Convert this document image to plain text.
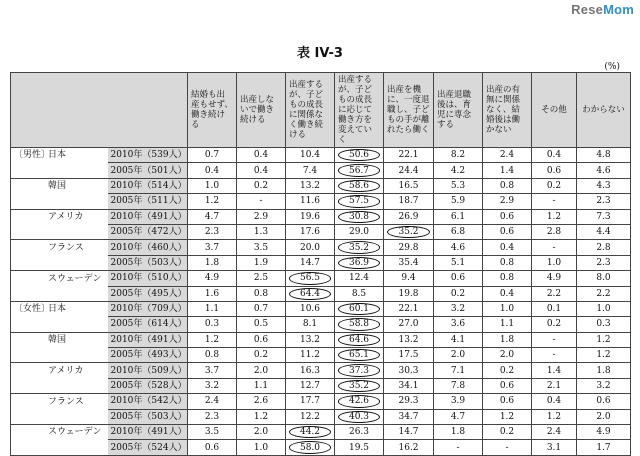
ReseMom
表 IV-3
(%)
		結婚も出産もせず、働き続ける	出産しないで働き続ける	出産するが、子どもの成長に関係なく働き続ける	出産するが、子どもの成長に応じて働き方を変えていく	出産を機に、一度退職し、子どもの手が離れたら働く	出産退職後は、育児に専念する	出産の有無に関係なく、結婚後は働かない	その他	わからない
〔男性〕日本	2010年（539人）	0.7	0.4	10.4	50.6	22.1	8.2	2.4	0.4	4.8
	2005年（501人）	0.4	0.4	7.4	56.7	24.4	4.2	1.4	0.6	4.6
韓国	2010年（514人）	1.0	0.2	13.2	58.6	16.5	5.3	0.8	0.2	4.3
	2005年（511人）	1.2	-	11.6	57.5	18.7	5.9	2.9	-	2.3
アメリカ	2010年（491人）	4.7	2.9	19.6	30.8	26.9	6.1	0.6	1.2	7.3
	2005年（472人）	2.3	1.3	17.6	29.0	35.2	6.8	0.6	2.8	4.4
フランス	2010年（460人）	3.7	3.5	20.0	35.2	29.8	4.6	0.4	-	2.8
	2005年（503人）	1.8	1.9	14.7	36.9	35.4	5.1	0.8	1.0	2.3
スウェーデン	2010年（510人）	4.9	2.5	56.5	12.4	9.4	0.6	0.8	4.9	8.0
	2005年（495人）	1.6	0.8	64.4	8.5	19.8	0.2	0.4	2.2	2.2
〔女性〕日本	2010年（709人）	1.1	0.7	10.6	60.1	22.1	3.2	1.0	0.1	1.0
	2005年（614人）	0.3	0.5	8.1	58.8	27.0	3.6	1.1	0.2	0.3
韓国	2010年（491人）	1.2	0.6	13.2	64.6	13.2	4.1	1.8	-	1.2
	2005年（493人）	0.8	0.2	11.2	65.1	17.5	2.0	2.0	-	1.2
アメリカ	2010年（509人）	3.7	2.0	16.3	37.3	30.3	7.1	0.2	1.4	1.8
	2005年（528人）	3.2	1.1	12.7	35.2	34.1	7.8	0.6	2.1	3.2
フランス	2010年（542人）	2.4	2.6	17.7	42.6	29.3	3.9	0.6	0.4	0.6
	2005年（503人）	2.3	1.2	12.2	40.3	34.7	4.7	1.2	1.2	2.0
スウェーデン	2010年（491人）	3.5	2.0	44.2	26.3	14.7	1.8	0.2	2.4	4.9
	2005年（524人）	0.6	1.0	58.0	19.5	16.2	-	-	3.1	1.7
